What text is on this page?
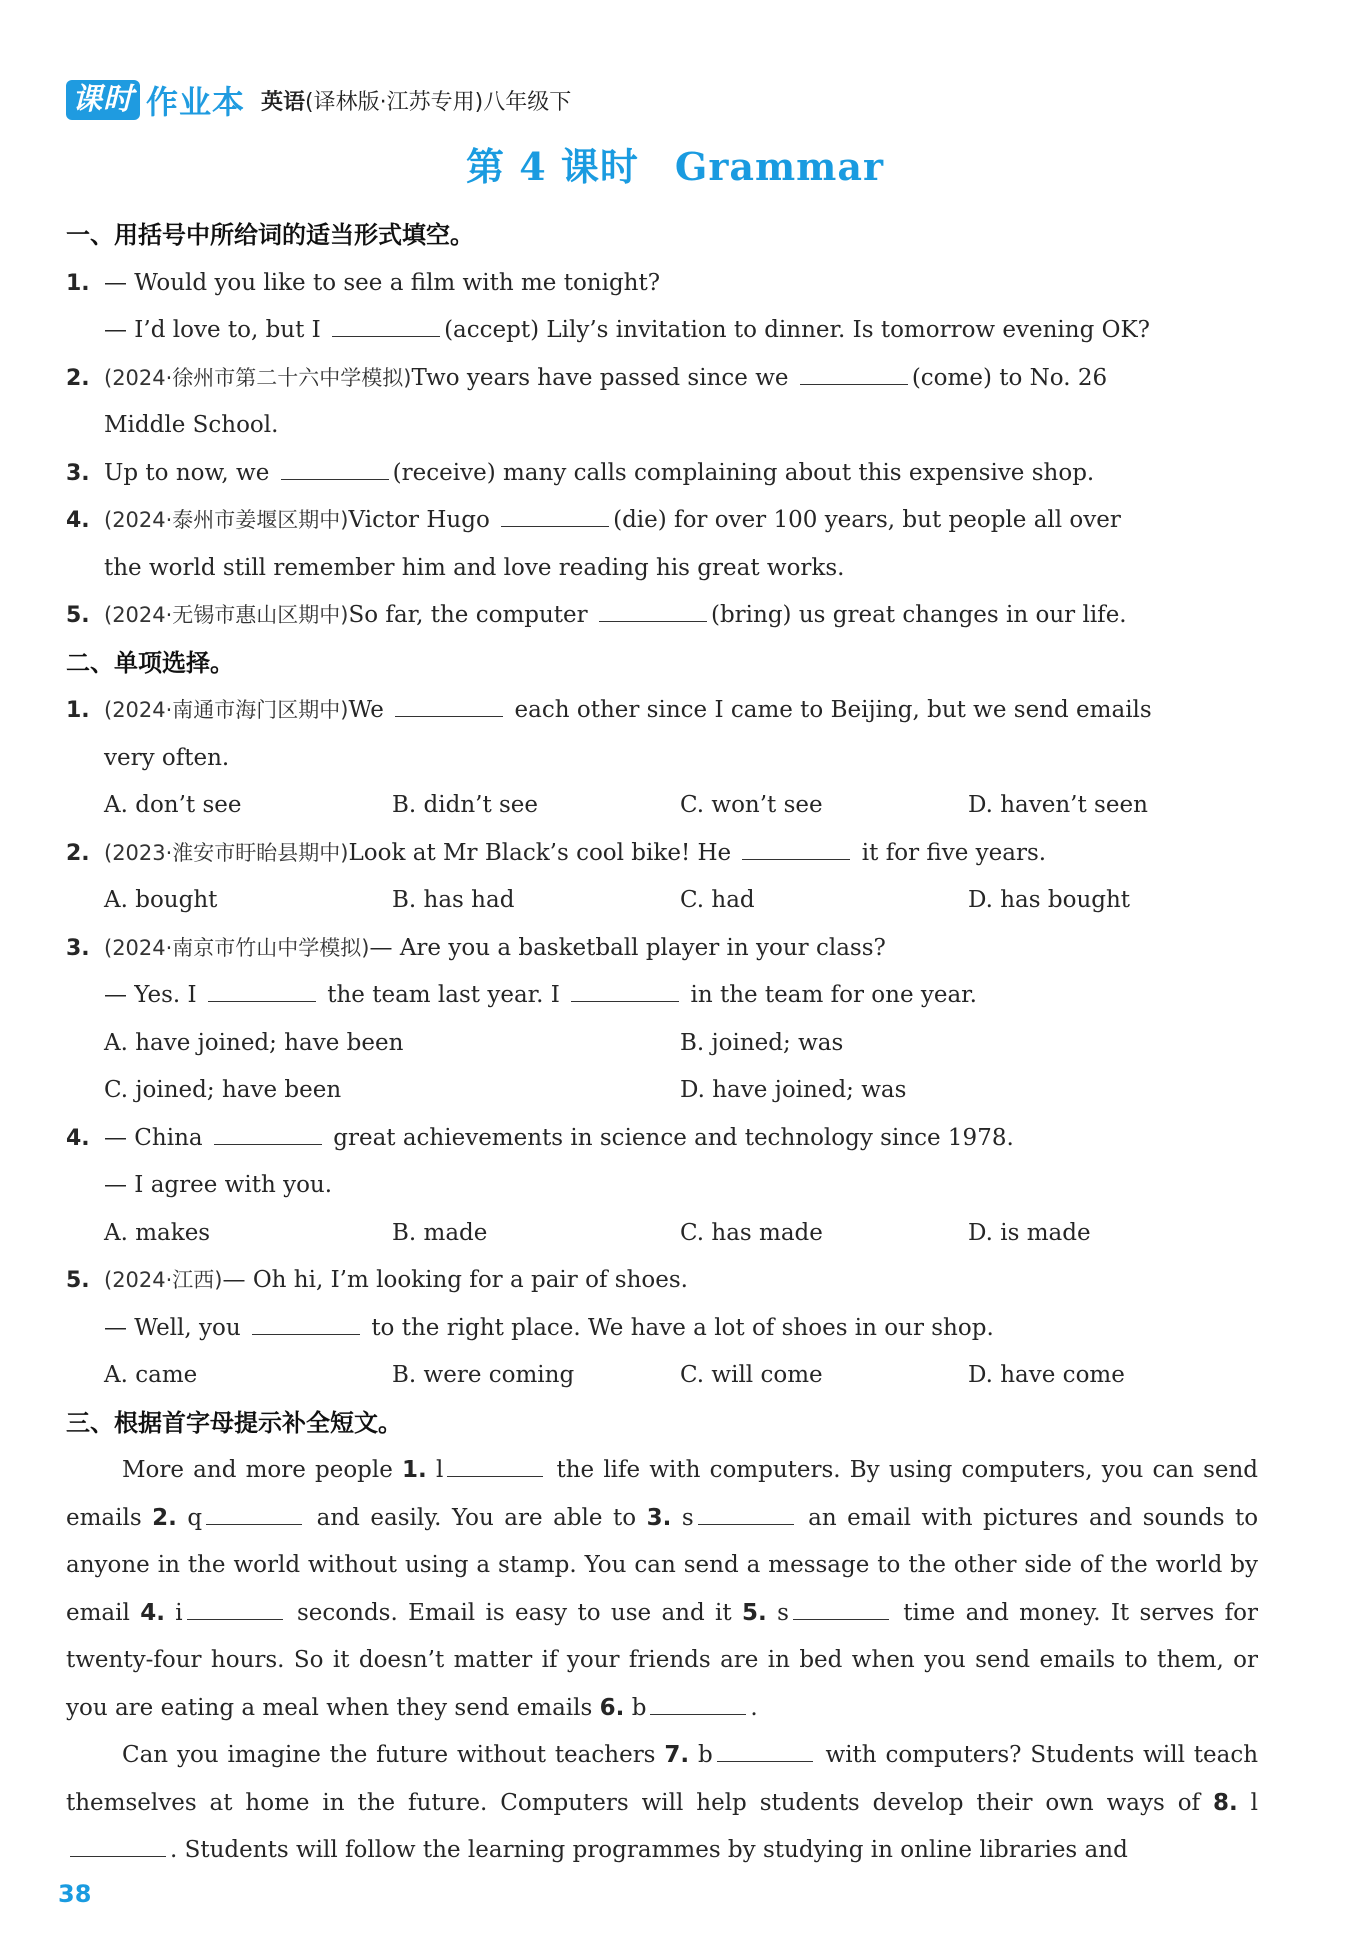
课时 作业本 英语(译林版·江苏专用)八年级下
第 4 课时 Grammar
一、用括号中所给词的适当形式填空。
1. — Would you like to see a film with me tonight?
— I’d love to, but I	(accept) Lily’s invitation to dinner. Is tomorrow evening OK?
2. (2024·徐州市第二十六中学模拟)Two years have passed since we	(come) to No. 26
Middle School.
3. Up to now, we	(receive) many calls complaining about this expensive shop.
4. (2024·泰州市姜堰区期中)Victor Hugo	(die) for over 100 years, but people all over
the world still remember him and love reading his great works.
5. (2024·无锡市惠山区期中)So far, the computer	(bring) us great changes in our life.
二、单项选择。
1. (2024·南通市海门区期中)We	each other since I came to Beijing, but we send emails
very often.
A. don’t see	B. didn’t see	C. won’t see	D. haven’t seen
2. (2023·淮安市盱眙县期中)Look at Mr Black’s cool bike! He	it for five years.
A. bought	B. has had	C. had	D. has bought
3. (2024·南京市竹山中学模拟)— Are you a basketball player in your class?
— Yes. I	the team last year. I	in the team for one year.
A. have joined; have been	B. joined; was
C. joined; have been	D. have joined; was
4. — China	great achievements in science and technology since 1978.
— I agree with you.
A. makes	B. made	C. has made	D. is made
5. (2024·江西)— Oh hi, I’m looking for a pair of shoes.
— Well, you	to the right place. We have a lot of shoes in our shop.
A. came	B. were coming	C. will come	D. have come
三、根据首字母提示补全短文。
More and more people 1. l	the life with computers. By using computers, you can send emails 2. q	and easily. You are able to 3. s	an email with pictures and sounds to anyone in the world without using a stamp. You can send a message to the other side of the world by email 4. i	seconds. Email is easy to use and it 5. s	time and money. It serves for twenty-four hours. So it doesn’t matter if your friends are in bed when you send emails to them, or you are eating a meal when they send emails 6. b	.
Can you imagine the future without teachers 7. b	with computers? Students will teach themselves at home in the future. Computers will help students develop their own ways of 8. l. Students will follow the learning programmes by studying in online libraries and
38
